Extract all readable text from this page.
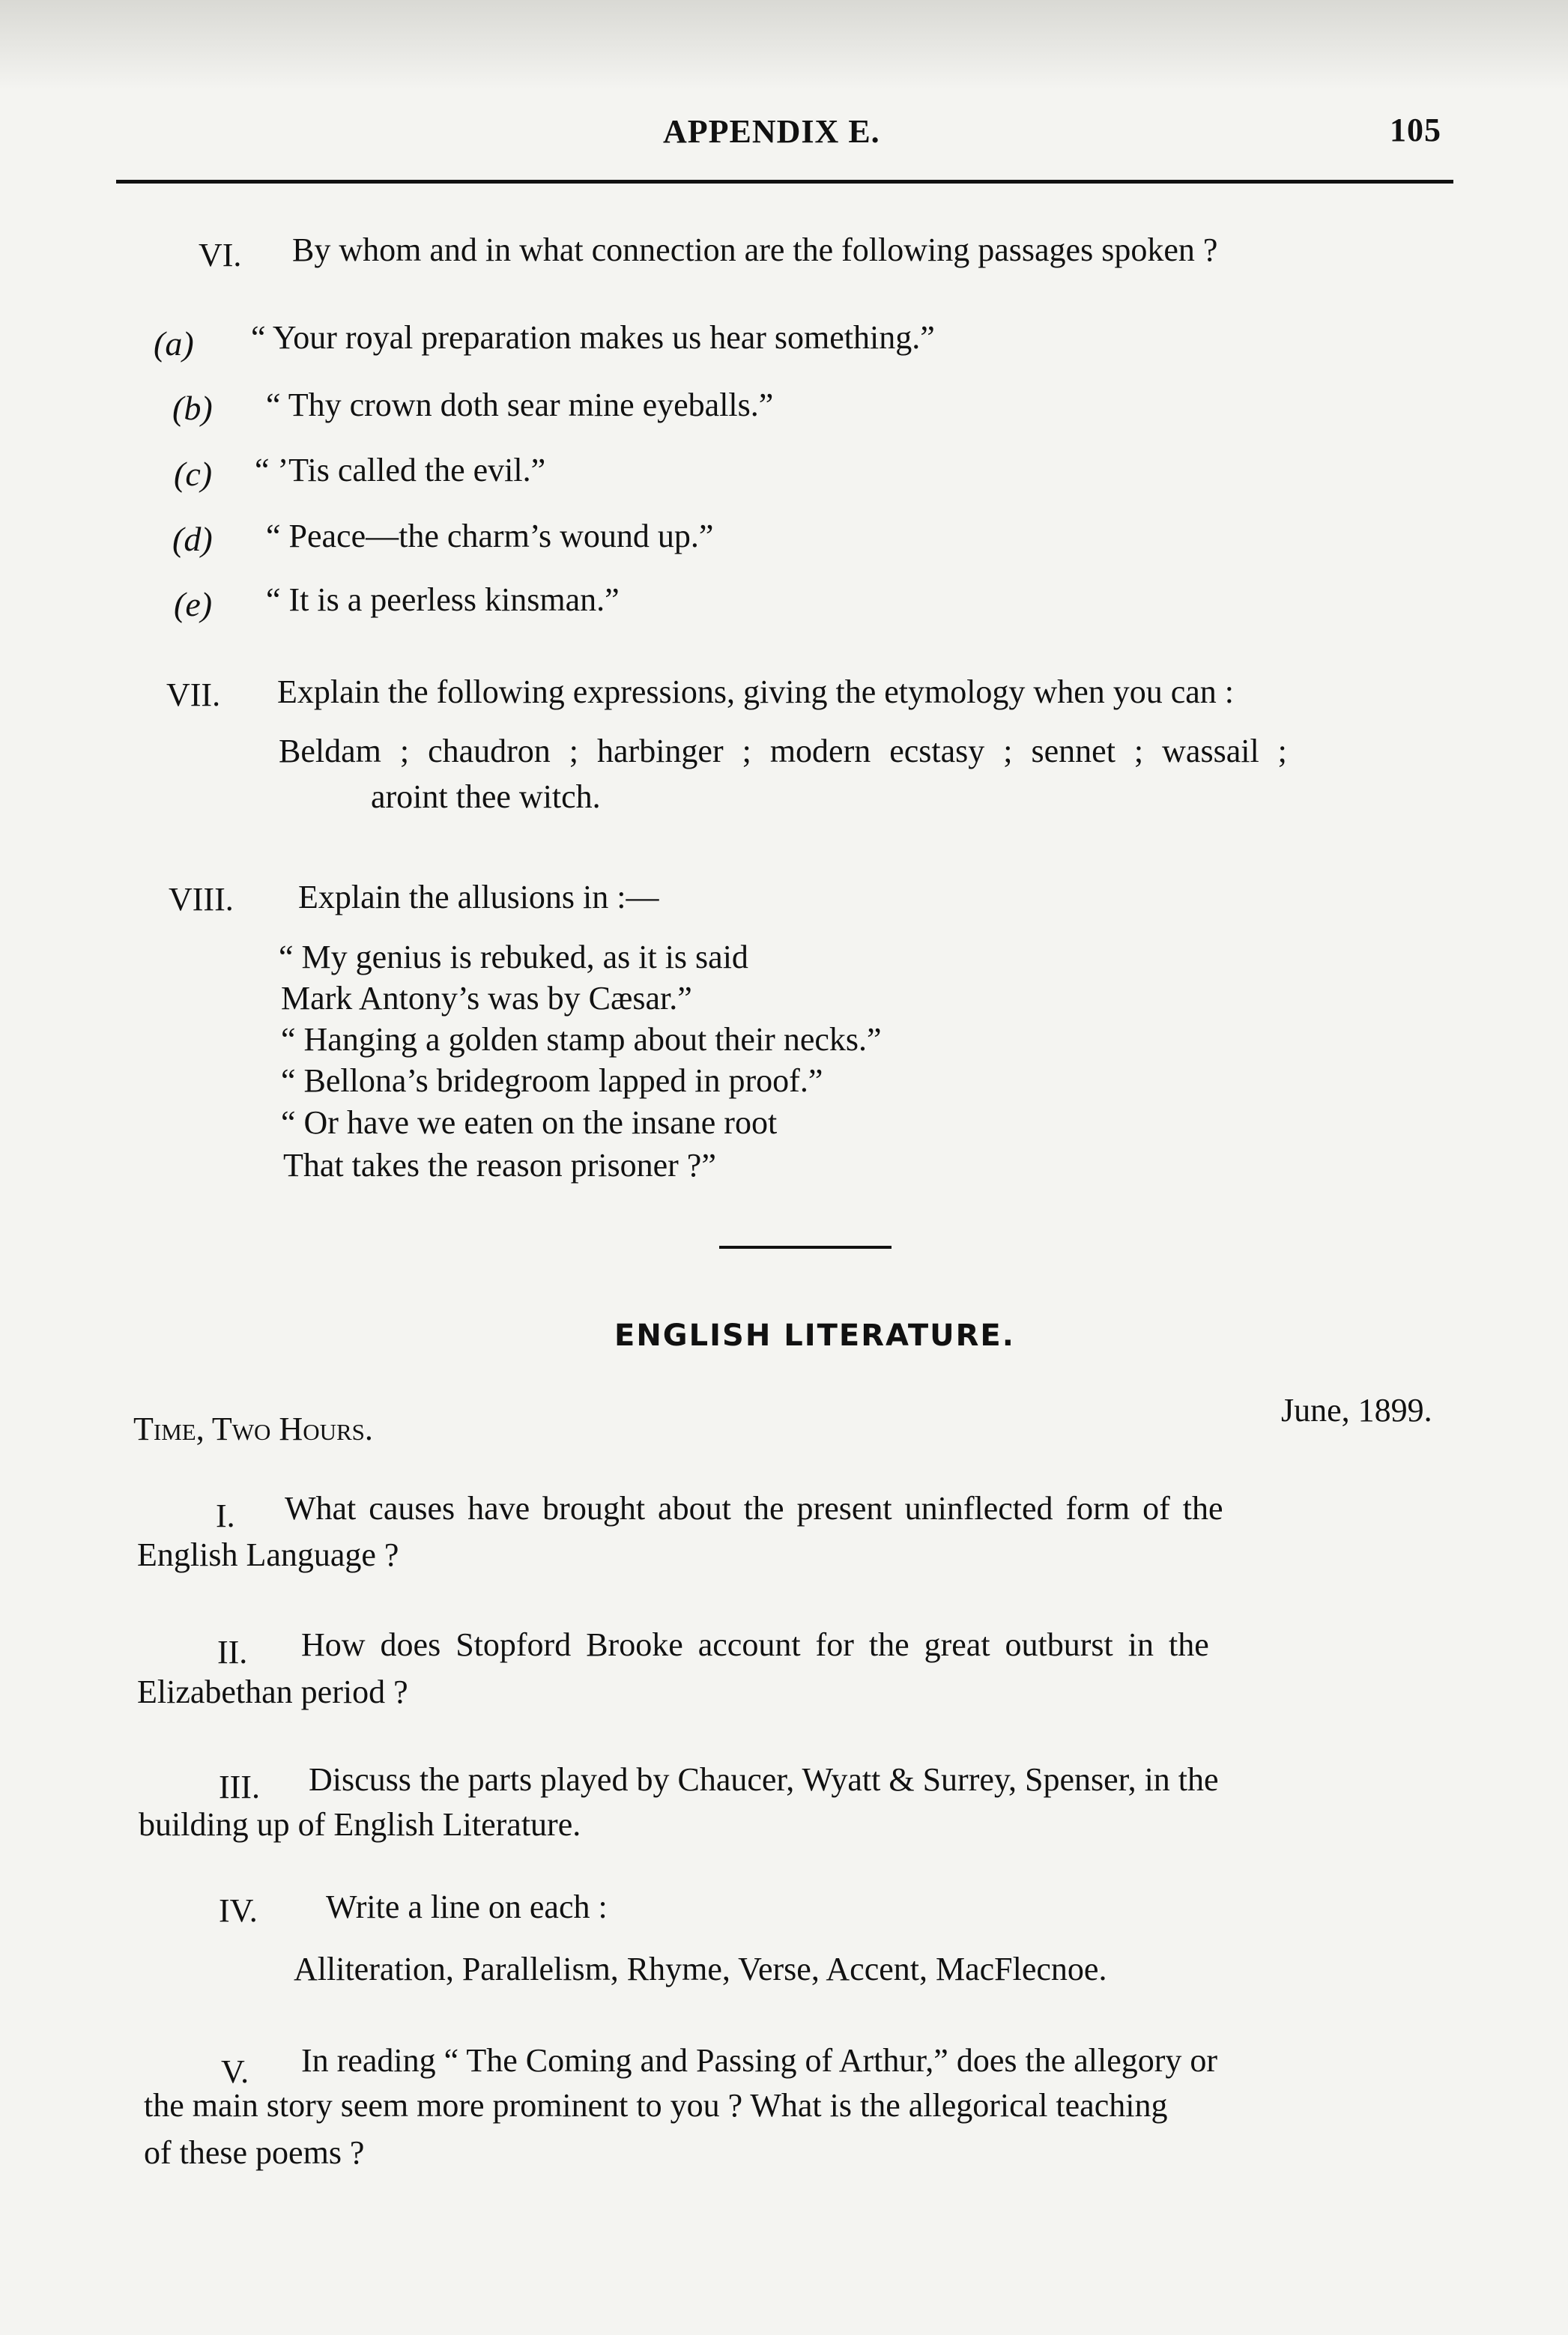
APPENDIX E.	105
VI. By whom and in what connection are the following passages spoken ?
(a) “ Your royal preparation makes us hear something.”
(b) “ Thy crown doth sear mine eyeballs.”
(c) “ ’Tis called the evil.”
(d) “ Peace—the charm’s wound up.”
(e) “ It is a peerless kinsman.”
VII. Explain the following expressions, giving the etymology when you can :
Beldam ; chaudron ; harbinger ; modern ecstasy ; sennet ; wassail ;
aroint thee witch.
VIII. Explain the allusions in :—
“ My genius is rebuked, as it is said
Mark Antony’s was by Cæsar.”
“ Hanging a golden stamp about their necks.”
“ Bellona’s bridegroom lapped in proof.”
“ Or have we eaten on the insane root
That takes the reason prisoner ?”
ENGLISH LITERATURE.
Time, Two Hours.
June, 1899.
I. What causes have brought about the present uninflected form of the
English Language ?
II. How does Stopford Brooke account for the great outburst in the
Elizabethan period ?
III. Discuss the parts played by Chaucer, Wyatt & Surrey, Spenser, in the
building up of English Literature.
IV. Write a line on each :
Alliteration, Parallelism, Rhyme, Verse, Accent, MacFlecnoe.
V. In reading “ The Coming and Passing of Arthur,” does the allegory or
the main story seem more prominent to you ? What is the allegorical teaching
of these poems ?
